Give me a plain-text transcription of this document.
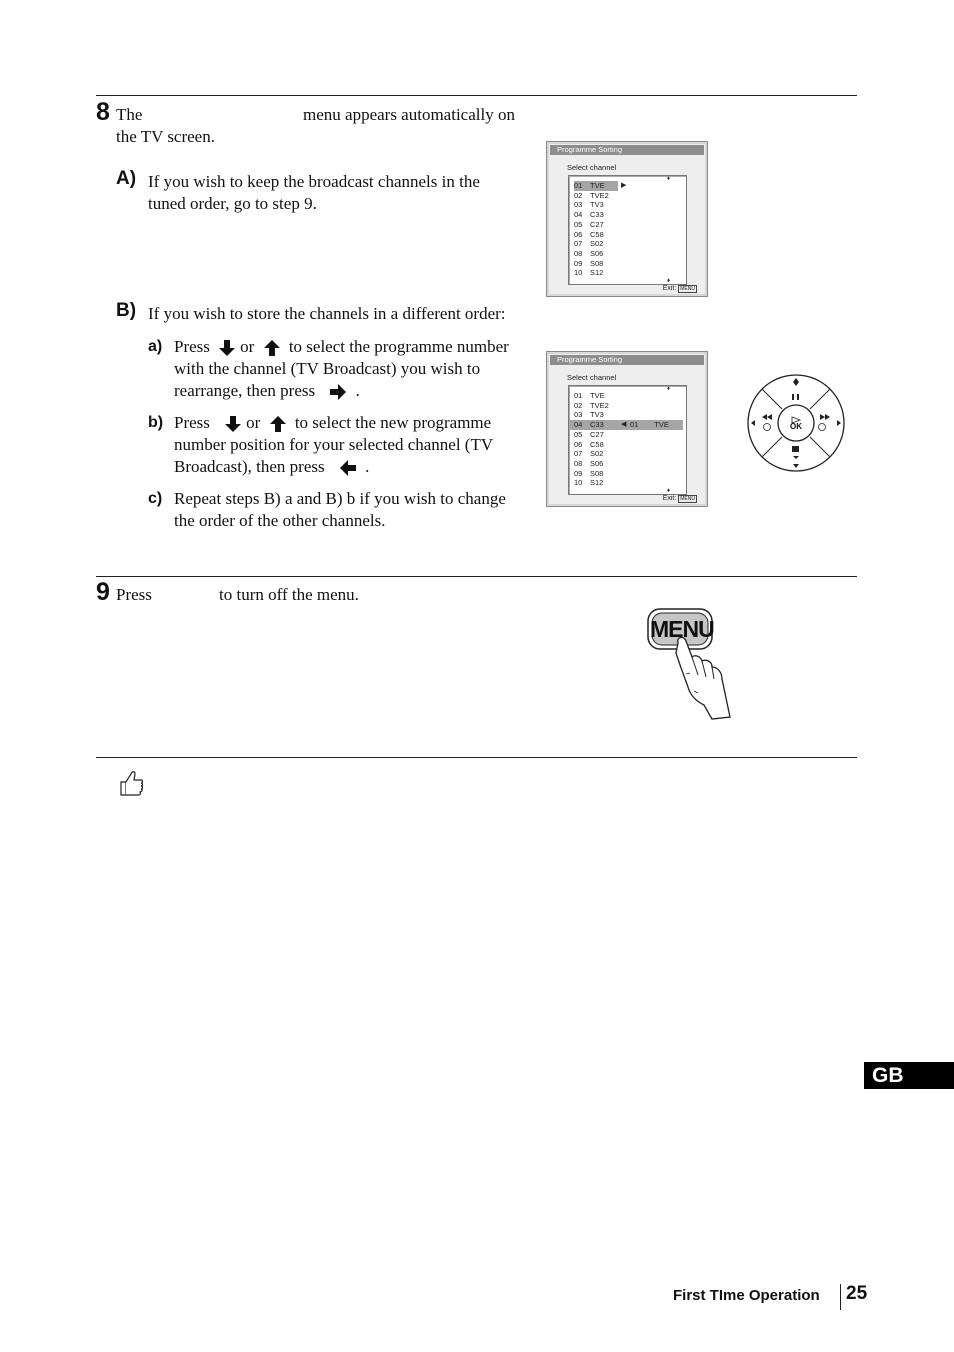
8 The	menu appears automatically on
the TV screen.
A) If you wish to keep the broadcast channels in the tuned order, go to step 9.
B) If you wish to store the channels in a different order:
a) Press or to select the programme number
with the channel (TV Broadcast) you wish to
rearrange, then press .
b) Press or to select the new programme
number position for your selected channel (TV
Broadcast), then press .
c) Repeat steps B) a and B) b if you wish to change
the order of the other channels.
Programme Sorting
Select channel
♦
01 TVE	▶
02 TVE2
03 TV3
04 C33
05 C27
06 C58
07 S02
08 S06
09 S08
10 S12
♦
Exit: MENU
Programme Sorting
Select channel
♦
01 TVE
02 TVE2
03 TV3
04 C33 ◀ 01 TVE
05 C27
06 C58
07 S02
08 S06
09 S08
10 S12
♦
Exit: MENU
OK
9 Press	to turn off the menu.
MENU
GB
First TIme Operation 25
